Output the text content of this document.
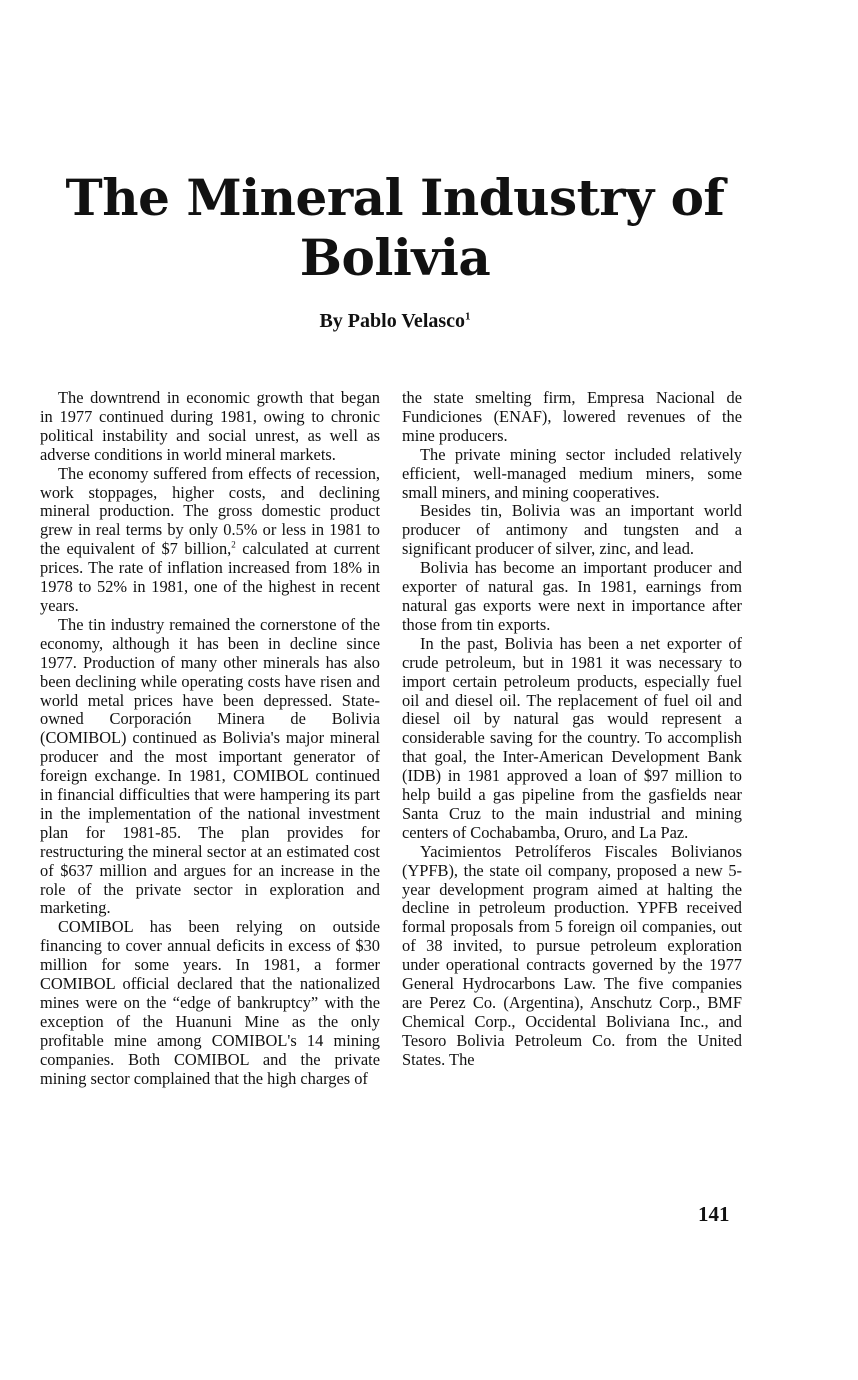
The Mineral Industry of
Bolivia

By Pablo Velasco$^1$

The downtrend in economic growth that began in 1977 continued during 1981, owing to chronic political instability and social unrest, as well as adverse conditions in world mineral markets.

The economy suffered from effects of recession, work stoppages, higher costs, and declining mineral production. The gross domestic product grew in real terms by only 0.5% or less in 1981 to the equivalent of $7 billion,$^2$ calculated at current prices. The rate of inflation increased from 18% in 1978 to 52% in 1981, one of the highest in recent years.

The tin industry remained the cornerstone of the economy, although it has been in decline since 1977. Production of many other minerals has also been declining while operating costs have risen and world metal prices have been depressed. State-owned Corporación Minera de Bolivia (COMIBOL) continued as Bolivia's major mineral producer and the most important generator of foreign exchange. In 1981, COMIBOL continued in financial difficulties that were hampering its part in the implementation of the national investment plan for 1981-85. The plan provides for restructuring the mineral sector at an estimated cost of $637 million and argues for an increase in the role of the private sector in exploration and marketing.

COMIBOL has been relying on outside financing to cover annual deficits in excess of $30 million for some years. In 1981, a former COMIBOL official declared that the nationalized mines were on the “edge of bankruptcy” with the exception of the Huanuni Mine as the only profitable mine among COMIBOL's 14 mining companies. Both COMIBOL and the private mining sector complained that the high charges of

the state smelting firm, Empresa Nacional de Fundiciones (ENAF), lowered revenues of the mine producers.

The private mining sector included relatively efficient, well-managed medium miners, some small miners, and mining cooperatives.

Besides tin, Bolivia was an important world producer of antimony and tungsten and a significant producer of silver, zinc, and lead.

Bolivia has become an important producer and exporter of natural gas. In 1981, earnings from natural gas exports were next in importance after those from tin exports.

In the past, Bolivia has been a net exporter of crude petroleum, but in 1981 it was necessary to import certain petroleum products, especially fuel oil and diesel oil. The replacement of fuel oil and diesel oil by natural gas would represent a considerable saving for the country. To accomplish that goal, the Inter-American Development Bank (IDB) in 1981 approved a loan of $97 million to help build a gas pipeline from the gasfields near Santa Cruz to the main industrial and mining centers of Cochabamba, Oruro, and La Paz.

Yacimientos Petrolíferos Fiscales Bolivianos (YPFB), the state oil company, proposed a new 5-year development program aimed at halting the decline in petroleum production. YPFB received formal proposals from 5 foreign oil companies, out of 38 invited, to pursue petroleum exploration under operational contracts governed by the 1977 General Hydrocarbons Law. The five companies are Perez Co. (Argentina), Anschutz Corp., BMF Chemical Corp., Occidental Boliviana Inc., and Tesoro Bolivia Petroleum Co. from the United States. The

141
